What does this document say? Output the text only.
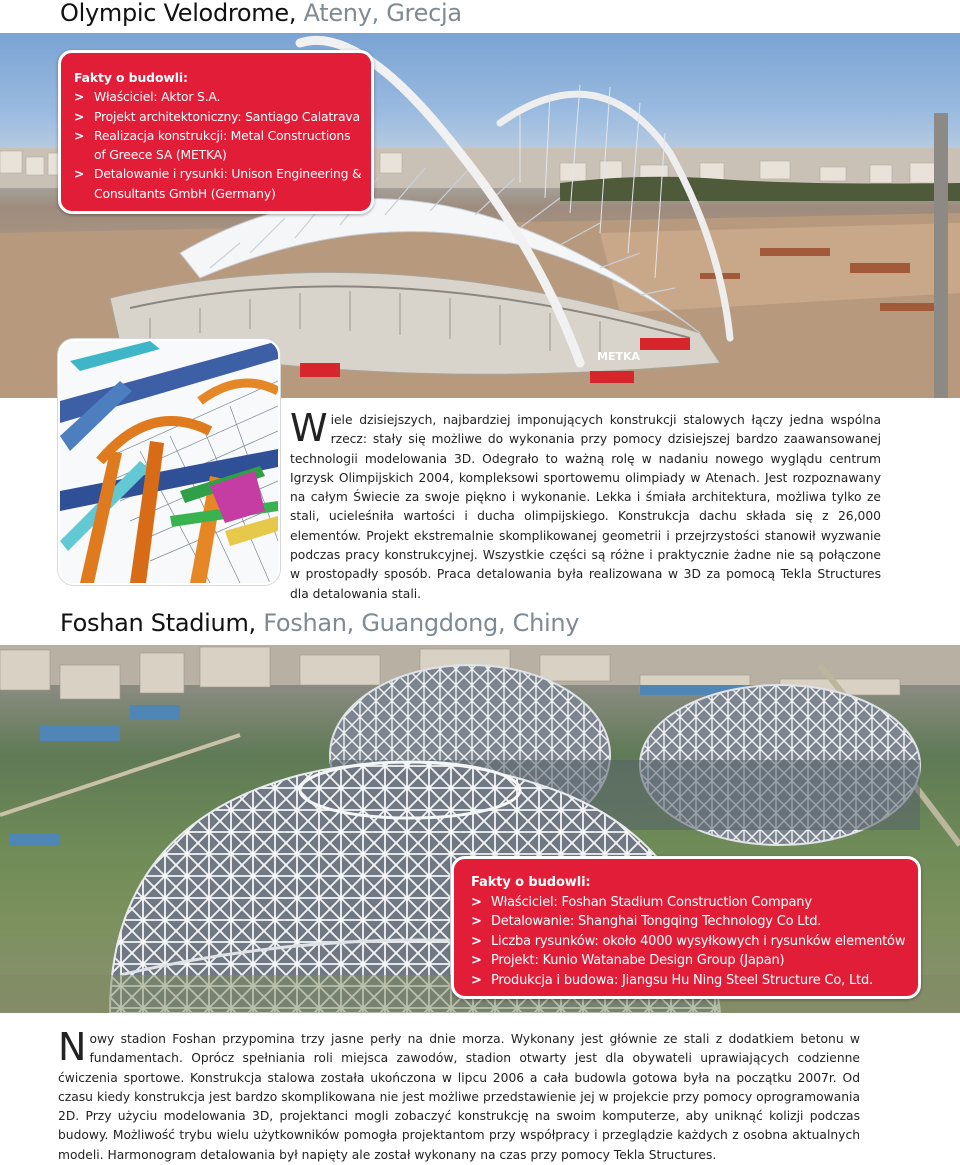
Olympic Velodrome, Ateny, Grecja
METKA
Fakty o budowli:
> Właściciel: Aktor S.A.
> Projekt architektoniczny: Santiago Calatrava
> Realizacja konstrukcji: Metal Constructions of Greece SA (METKA)
> Detalowanie i rysunki: Unison Engineering & Consultants GmbH (Germany)

Wiele dzisiejszych, najbardziej imponujących konstrukcji stalowych łączy jedna wspólna rzecz: stały się możliwe do wykonania przy pomocy dzisiejszej bardzo zaawansowanej technologii modelowania 3D. Odegrało to ważną rolę w nadaniu nowego wyglądu centrum Igrzysk Olimpijskich 2004, kompleksowi sportowemu olimpiady w Atenach. Jest rozpoznawany na całym Świecie za swoje piękno i wykonanie. Lekka i śmiała architektura, możliwa tylko ze stali, ucieleśniła wartości i ducha olimpijskiego. Konstrukcja dachu składa się z 26,000 elementów. Projekt ekstremalnie skomplikowanej geometrii i przejrzystości stanowił wyzwanie podczas pracy konstrukcyjnej. Wszystkie części są różne i praktycznie żadne nie są połączone w prostopadły sposób. Praca detalowania była realizowana w 3D za pomocą Tekla Structures dla detalowania stali.

Foshan Stadium, Foshan, Guangdong, Chiny
Fakty o budowli:
> Właściciel: Foshan Stadium Construction Company
> Detalowanie: Shanghai Tongqing Technology Co Ltd.
> Liczba rysunków: około 4000 wysyłkowych i rysunków elementów
> Projekt: Kunio Watanabe Design Group (Japan)
> Produkcja i budowa: Jiangsu Hu Ning Steel Structure Co, Ltd.

Nowy stadion Foshan przypomina trzy jasne perły na dnie morza. Wykonany jest głównie ze stali z dodatkiem betonu w fundamentach. Oprócz spełniania roli miejsca zawodów, stadion otwarty jest dla obywateli uprawiających codzienne ćwiczenia sportowe. Konstrukcja stalowa została ukończona w lipcu 2006 a cała budowla gotowa była na początku 2007r. Od czasu kiedy konstrukcja jest bardzo skomplikowana nie jest możliwe przedstawienie jej w projekcie przy pomocy oprogramowania 2D. Przy użyciu modelowania 3D, projektanci mogli zobaczyć konstrukcję na swoim komputerze, aby uniknąć kolizji podczas budowy. Możliwość trybu wielu użytkowników pomogła projektantom przy współpracy i przeglądzie każdych z osobna aktualnych modeli. Harmonogram detalowania był napięty ale został wykonany na czas przy pomocy Tekla Structures.
